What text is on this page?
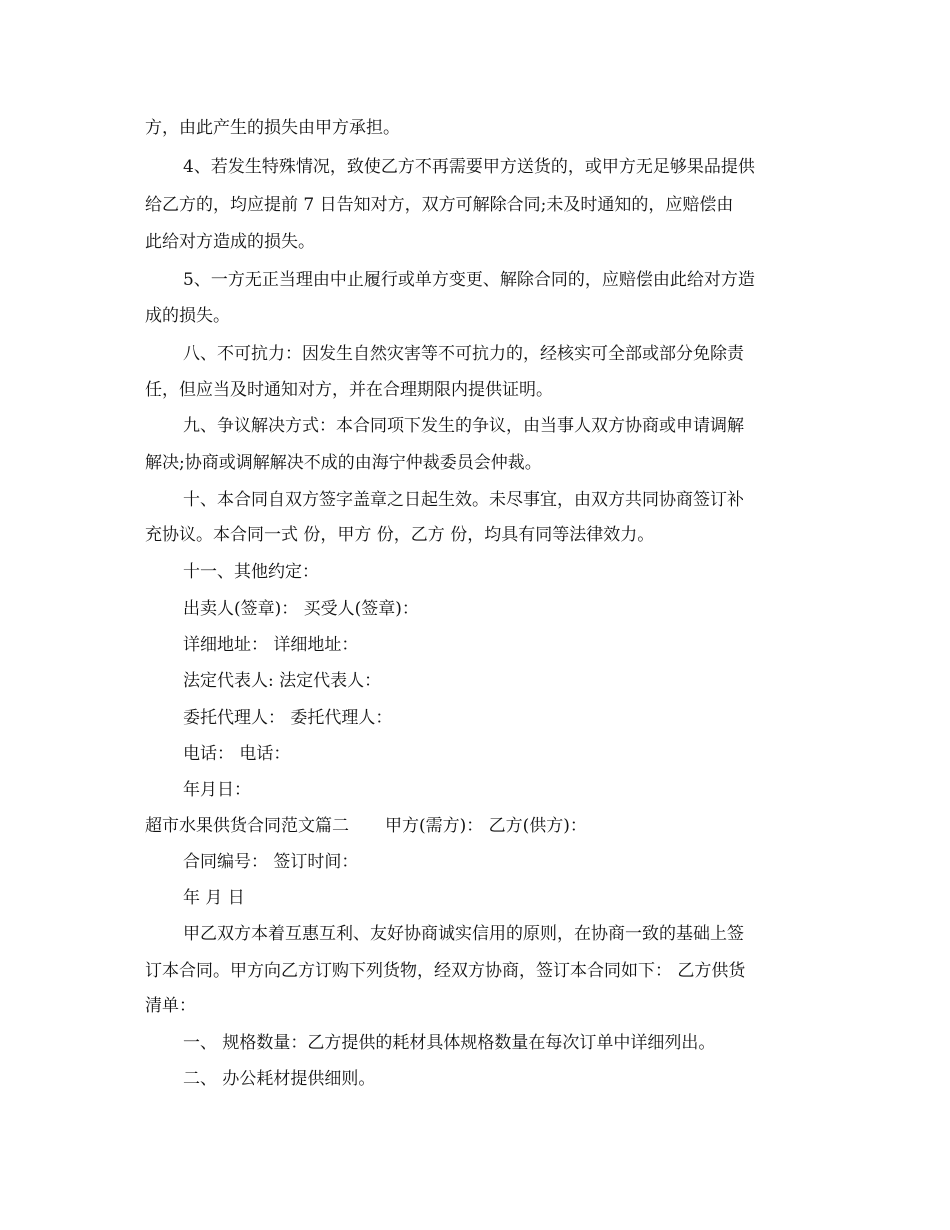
方，由此产生的损失由甲方承担。

4、若发生特殊情况，致使乙方不再需要甲方送货的，或甲方无足够果品提供

给乙方的，均应提前 7 日告知对方，双方可解除合同;未及时通知的，应赔偿由

此给对方造成的损失。

5、一方无正当理由中止履行或单方变更、解除合同的，应赔偿由此给对方造

成的损失。

八、不可抗力：因发生自然灾害等不可抗力的，经核实可全部或部分免除责

任，但应当及时通知对方，并在合理期限内提供证明。

九、争议解决方式：本合同项下发生的争议，由当事人双方协商或申请调解

解决;协商或调解解决不成的由海宁仲裁委员会仲裁。

十、本合同自双方签字盖章之日起生效。未尽事宜，由双方共同协商签订补

充协议。本合同一式 份，甲方 份，乙方 份，均具有同等法律效力。

十一、其他约定：

出卖人(签章)： 买受人(签章)：

详细地址： 详细地址：

法定代表人: 法定代表人：

委托代理人： 委托代理人：

电话： 电话：

年月日：

超市水果供货合同范文篇二 甲方(需方)： 乙方(供方)：

合同编号： 签订时间：

年 月 日

甲乙双方本着互惠互利、友好协商诚实信用的原则，在协商一致的基础上签

订本合同。甲方向乙方订购下列货物，经双方协商，签订本合同如下： 乙方供货

清单：

一、 规格数量：乙方提供的耗材具体规格数量在每次订单中详细列出。

二、 办公耗材提供细则。
